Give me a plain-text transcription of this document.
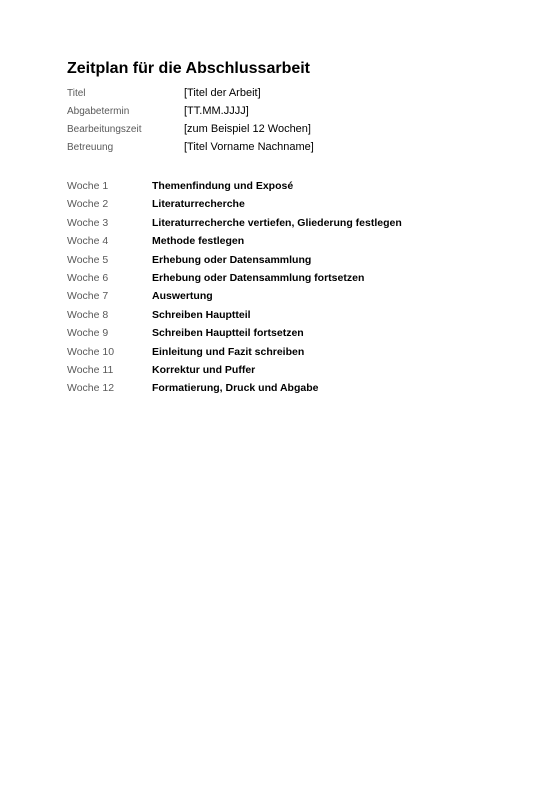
Zeitplan für die Abschlussarbeit
Titel	[Titel der Arbeit]
Abgabetermin	[TT.MM.JJJJ]
Bearbeitungszeit	[zum Beispiel 12 Wochen]
Betreuung	[Titel Vorname Nachname]
Woche 1	Themenfindung und Exposé
Woche 2	Literaturrecherche
Woche 3	Literaturrecherche vertiefen, Gliederung festlegen
Woche 4	Methode festlegen
Woche 5	Erhebung oder Datensammlung
Woche 6	Erhebung oder Datensammlung fortsetzen
Woche 7	Auswertung
Woche 8	Schreiben Hauptteil
Woche 9	Schreiben Hauptteil fortsetzen
Woche 10	Einleitung und Fazit schreiben
Woche 11	Korrektur und Puffer
Woche 12	Formatierung, Druck und Abgabe
